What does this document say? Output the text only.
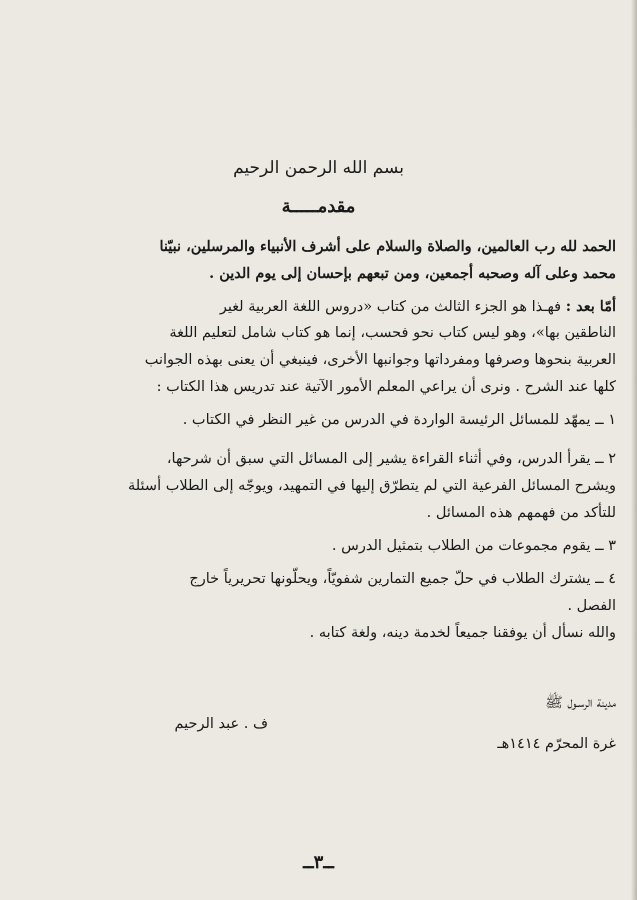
بسم الله الرحمن الرحيم
مقدمـــــة
الحمد لله رب العالمين، والصلاة والسلام على أشرف الأنبياء والمرسلين، نبيّنا
محمد وعلى آله وصحبه أجمعين، ومن تبعهم بإحسان إلى يوم الدين .
أمّا بعد : فهـذا هو الجزء الثالث من كتاب «دروس اللغة العربية لغير
الناطقين بها»، وهو ليس كتاب نحو فحسب، إنما هو كتاب شامل لتعليم اللغة
العربية بنحوها وصرفها ومفرداتها وجوانبها الأخرى، فينبغي أن يعنى بهذه الجوانب
كلها عند الشرح . ونرى أن يراعي المعلم الأمور الآتية عند تدريس هذا الكتاب :
١ ــ يمهّد للمسائل الرئيسة الواردة في الدرس من غير النظر في الكتاب .
٢ ــ يقرأ الدرس، وفي أثناء القراءة يشير إلى المسائل التي سبق أن شرحها،
ويشرح المسائل الفرعية التي لم يتطرّق إليها في التمهيد، ويوجّه إلى الطلاب أسئلة
للتأكد من فهمهم هذه المسائل .
٣ ــ يقوم مجموعات من الطلاب بتمثيل الدرس .
٤ ــ يشترك الطلاب في حلّ جميع التمارين شفويّاً، ويحلّونها تحريرياً خارج
الفصل .
والله نسأل أن يوفقنا جميعاً لخدمة دينه، ولغة كتابه .
مدينة الرسـول ﷺ
ف . عبد الرحيم
غرة المحرّم ١٤١٤هـ
ــ٣ــ
